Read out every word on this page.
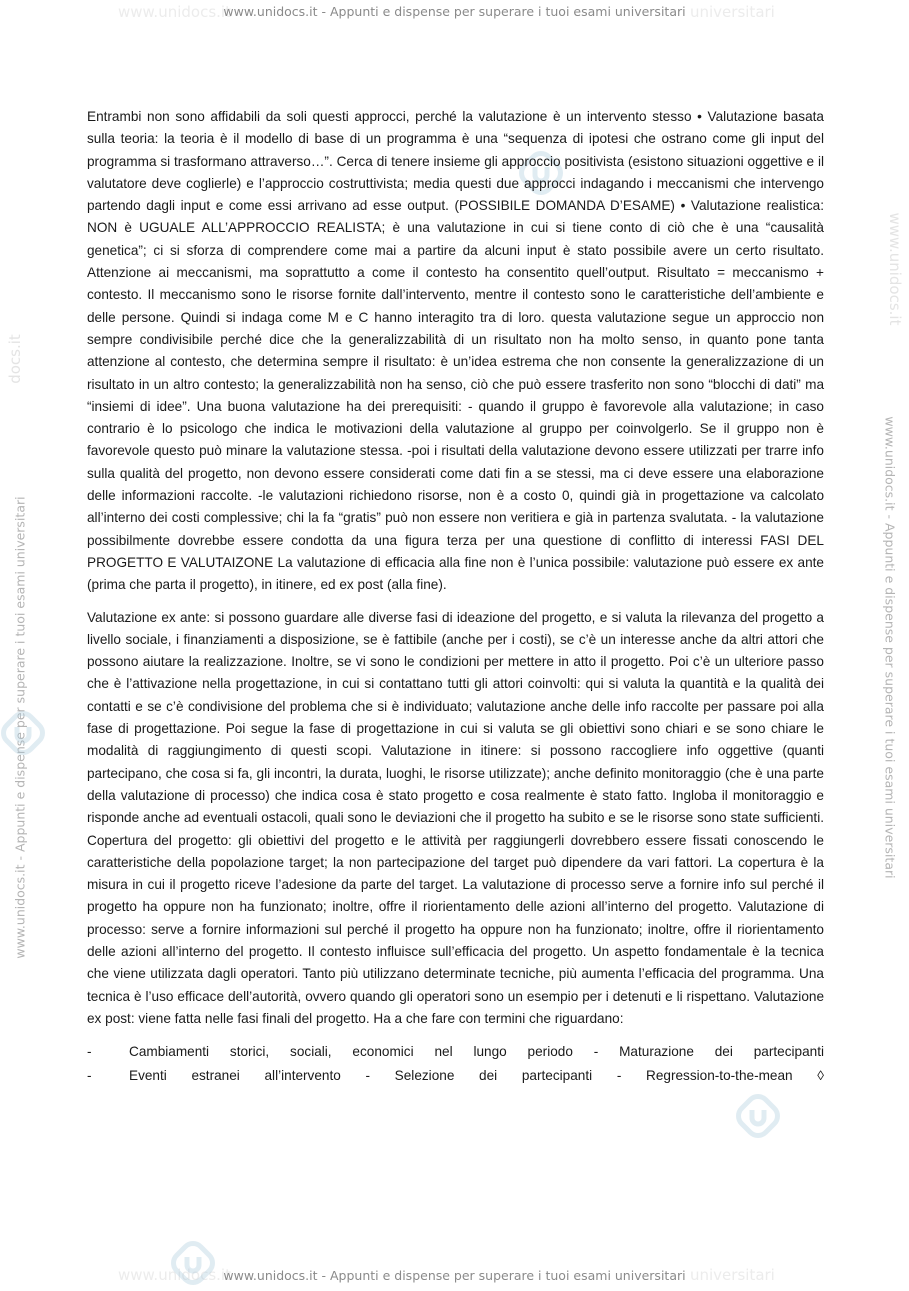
www.unidocs.it	universitari
www.unidocs.it - Appunti e dispense per superare i tuoi esami universitari
www.unidocs.it	universitari
www.unidocs.it - Appunti e dispense per superare i tuoi esami universitari
www.unidocs.it - Appunti e dispense per superare i tuoi esami universitari	www.unidocs.it - Appunti e dispense per superare i tuoi esami universitari
docs.it
www.unidocs.it

Entrambi non sono affidabili da soli questi approcci, perché la valutazione è un intervento stesso • Valutazione basata sulla teoria: la teoria è il modello di base di un programma è una “sequenza di ipotesi che ostrano come gli input del programma si trasformano attraverso…”. Cerca di tenere insieme gli approccio positivista (esistono situazioni oggettive e il valutatore deve coglierle) e l’approccio costruttivista; media questi due approcci indagando i meccanismi che intervengo partendo dagli input e come essi arrivano ad esse output. (POSSIBILE DOMANDA D’ESAME) • Valutazione realistica: NON è UGUALE ALL’APPROCCIO REALISTA; è una valutazione in cui si tiene conto di ciò che è una “causalità genetica”; ci si sforza di comprendere come mai a partire da alcuni input è stato possibile avere un certo risultato. Attenzione ai meccanismi, ma soprattutto a come il contesto ha consentito quell’output. Risultato = meccanismo + contesto. Il meccanismo sono le risorse fornite dall’intervento, mentre il contesto sono le caratteristiche dell’ambiente e delle persone. Quindi si indaga come M e C hanno interagito tra di loro. questa valutazione segue un approccio non sempre condivisibile perché dice che la generalizzabilità di un risultato non ha molto senso, in quanto pone tanta attenzione al contesto, che determina sempre il risultato: è un’idea estrema che non consente la generalizzazione di un risultato in un altro contesto; la generalizzabilità non ha senso, ciò che può essere trasferito non sono “blocchi di dati” ma “insiemi di idee”. Una buona valutazione ha dei prerequisiti: - quando il gruppo è favorevole alla valutazione; in caso contrario è lo psicologo che indica le motivazioni della valutazione al gruppo per coinvolgerlo. Se il gruppo non è favorevole questo può minare la valutazione stessa. -poi i risultati della valutazione devono essere utilizzati per trarre info sulla qualità del progetto, non devono essere considerati come dati fin a se stessi, ma ci deve essere una elaborazione delle informazioni raccolte. -le valutazioni richiedono risorse, non è a costo 0, quindi già in progettazione va calcolato all’interno dei costi complessive; chi la fa “gratis” può non essere non veritiera e già in partenza svalutata. - la valutazione possibilmente dovrebbe essere condotta da una figura terza per una questione di conflitto di interessi FASI DEL PROGETTO E VALUTAIZONE La valutazione di efficacia alla fine non è l’unica possibile: valutazione può essere ex ante (prima che parta il progetto), in itinere, ed ex post (alla fine).

Valutazione ex ante: si possono guardare alle diverse fasi di ideazione del progetto, e si valuta la rilevanza del progetto a livello sociale, i finanziamenti a disposizione, se è fattibile (anche per i costi), se c’è un interesse anche da altri attori che possono aiutare la realizzazione. Inoltre, se vi sono le condizioni per mettere in atto il progetto. Poi c’è un ulteriore passo che è l’attivazione nella progettazione, in cui si contattano tutti gli attori coinvolti: qui si valuta la quantità e la qualità dei contatti e se c’è condivisione del problema che si è individuato; valutazione anche delle info raccolte per passare poi alla fase di progettazione. Poi segue la fase di progettazione in cui si valuta se gli obiettivi sono chiari e se sono chiare le modalità di raggiungimento di questi scopi. Valutazione in itinere: si possono raccogliere info oggettive (quanti partecipano, che cosa si fa, gli incontri, la durata, luoghi, le risorse utilizzate); anche definito monitoraggio (che è una parte della valutazione di processo) che indica cosa è stato progetto e cosa realmente è stato fatto. Ingloba il monitoraggio e risponde anche ad eventuali ostacoli, quali sono le deviazioni che il progetto ha subito e se le risorse sono state sufficienti. Copertura del progetto: gli obiettivi del progetto e le attività per raggiungerli dovrebbero essere fissati conoscendo le caratteristiche della popolazione target; la non partecipazione del target può dipendere da vari fattori. La copertura è la misura in cui il progetto riceve l’adesione da parte del target. La valutazione di processo serve a fornire info sul perché il progetto ha oppure non ha funzionato; inoltre, offre il riorientamento delle azioni all’interno del progetto. Valutazione di processo: serve a fornire informazioni sul perché il progetto ha oppure non ha funzionato; inoltre, offre il riorientamento delle azioni all’interno del progetto. Il contesto influisce sull’efficacia del progetto. Un aspetto fondamentale è la tecnica che viene utilizzata dagli operatori. Tanto più utilizzano determinate tecniche, più aumenta l’efficacia del programma. Una tecnica è l’uso efficace dell’autorità, ovvero quando gli operatori sono un esempio per i detenuti e li rispettano. Valutazione ex post: viene fatta nelle fasi finali del progetto. Ha a che fare con termini che riguardano:

-	Cambiamenti storici, sociali, economici nel lungo periodo - Maturazione dei partecipanti
-	Eventi estranei all’intervento - Selezione dei partecipanti - Regression-to-the-mean ◊
